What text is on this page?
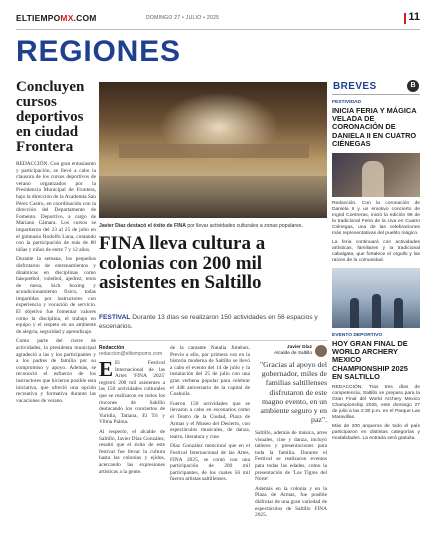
ELTIEMPOMX.COM	DOMINGO 27 • JULIO • 2025	11
REGIONES
Concluyen cursos deportivos en ciudad Frontera

REDACCIÓN. Con gran entusiasmo y participación, se llevó a cabo la clausura de los cursos deportivos de verano organizados por la Presidencia Municipal de Frontera, bajo la dirección de la Academia San Pérez Castro, en coordinación con la dirección del Departamento de Fomento. Deportivo, a cargo de Mariano Cámara. Los cursos se impartieron del 23 al 25 de julio en el gimnasio Rodolfo Luna, contando con la participación de más de 80 niñas y niños de entre 7 y 12 años.

Durante la semana, los pequeños disfrutaron de entrenamientos y dinámicas en disciplinas como básquetbol, voleibol, ajedrez, tenis de mesa, kick boxing y acondicionamiento físico, todas impartidas por instructores con experiencia y vocación de servicio. El objetivo fue fomentar valores como la disciplina, el trabajo en equipo y el respeto en un ambiente de alegría, seguridad y aprendizaje.

Como parte del cierre de actividades, la presidenta municipal agradeció a las y los participantes y a los padres de familia por su compromiso y apoyo. Además, se reconoció el esfuerzo de los instructores que hicieron posible esta iniciativa, que ofreció una opción recreativa y formativa durante las vacaciones de verano.

Javier Díaz destacó el éxito de FINA por llevar actividades culturales a zonas populares.
FINA lleva cultura a colonias con 200 mil asistentes en Saltillo
FESTIVAL Durante 13 días se realizaron 150 actividades en 56 espacios y escenarios.
Redacción
redaccion@eltiempomx.com

E El Festival Internacional de las Artes 'FINA 2025' registró 200 mil asistentes a las 150 actividades culturales que se realizaron en todos los rincones de Saltillo destacando los conciertos de Yuridia, Tatiana, El Tri y Vilma Palma.

Al respecto, el alcalde de Saltillo, Javier Díaz González, resaltó que el éxito de este festival fue llevar la cultura hasta las colonias y ejidos, acercando las expresiones artísticas a la gente.

de la cantante Natalia Jiménez. Previo a ello, por primera vez en la historia moderna de Saltillo se llevó a cabo el evento del 14 de julio y la instalación del 25 de julio con una gran verbena popular para celebrar el 448 aniversario de la capital de Coahuila.

Fueron 150 actividades que se llevaron a cabo en escenarios como el Teatro de la Ciudad, Plaza de Armas y el Museo del Desierto, con espectáculos musicales, de danza, teatro, literatura y cine.

Díaz González mencionó que en el Festival Internacional de las Artes, FINA 2025, se contó con una participación de 200 mil participantes, de los cuales 56 mil fueron artistas saltillenses.

Javier Díaz
Alcalde de Saltillo
"Gracias al apoyo del gobernador, miles de familias saltillenses disfrutaron de este magno evento, en un ambiente seguro y en paz".

Saltillo, además de música, artes visuales, cine y danza, incluyó talleres y presentaciones para toda la familia. Durante el Festival se realizaron eventos para todas las edades, como la presentación de 'Los Tigres del Norte'.

Además en la colonia y en la Plaza de Armas, fue posible disfrutar de una gran variedad de espectáculos de Saltillo FINA 2025.

BREVES	B
FESTIVIDAD
INICIA FERIA Y MÁGICA VELADA DE CORONACIÓN DE DANIELA II EN CUATRO CIÉNEGAS

Redacción. Con la coronación de Daniela II y un emotivo concierto de Ingrid Contreras, inició la edición 98 de la tradicional Feria de la Uva en Cuatro Ciénegas, una de las celebraciones más representativas del pueblo mágico.

La feria continuará con actividades artísticas, familiares y la tradicional cabalgata, que fortalece el orgullo y las raíces de la comunidad.

EVENTO DEPORTIVO
HOY GRAN FINAL DE WORLD ARCHERY MEXICO CHAMPIONSHIP 2025 EN SALTILLO

REDACCIÓN. Tras tres días de competencia, Saltillo se prepara para la Gran Final del World Archery Mexico Championship 2025, este domingo 27 de julio a las 2:30 p.m. en el Parque Las Maravillas.

Más de 200 arqueros de todo el país participaron en distintas categorías y modalidades. La entrada será gratuita.
